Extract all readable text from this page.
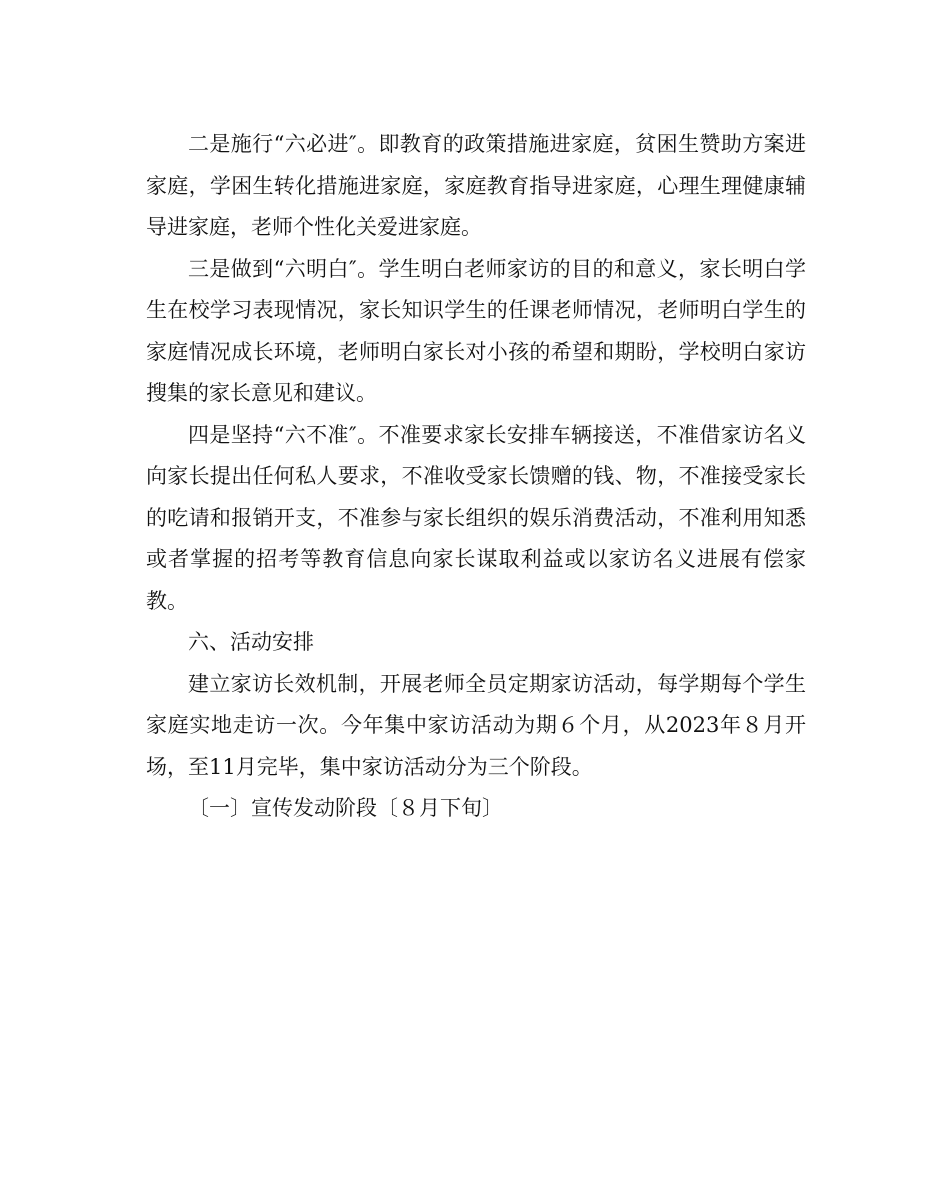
二是施行“六必进″。即教育的政策措施进家庭，贫困生赞助方案进家庭，学困生转化措施进家庭，家庭教育指导进家庭，心理生理健康辅导进家庭，老师个性化关爱进家庭。

三是做到“六明白″。学生明白老师家访的目的和意义，家长明白学生在校学习表现情况，家长知识学生的任课老师情况，老师明白学生的家庭情况成长环境，老师明白家长对小孩的希望和期盼，学校明白家访搜集的家长意见和建议。

四是坚持“六不准″。不准要求家长安排车辆接送，不准借家访名义向家长提出任何私人要求，不准收受家长馈赠的钱、物，不准接受家长的吃请和报销开支，不准参与家长组织的娱乐消费活动，不准利用知悉或者掌握的招考等教育信息向家长谋取利益或以家访名义进展有偿家教。

六、活动安排

建立家访长效机制，开展老师全员定期家访活动，每学期每个学生家庭实地走访一次。今年集中家访活动为期６个月，从2023年８月开场，至11月完毕，集中家访活动分为三个阶段。

〔一〕宣传发动阶段〔８月下旬〕
